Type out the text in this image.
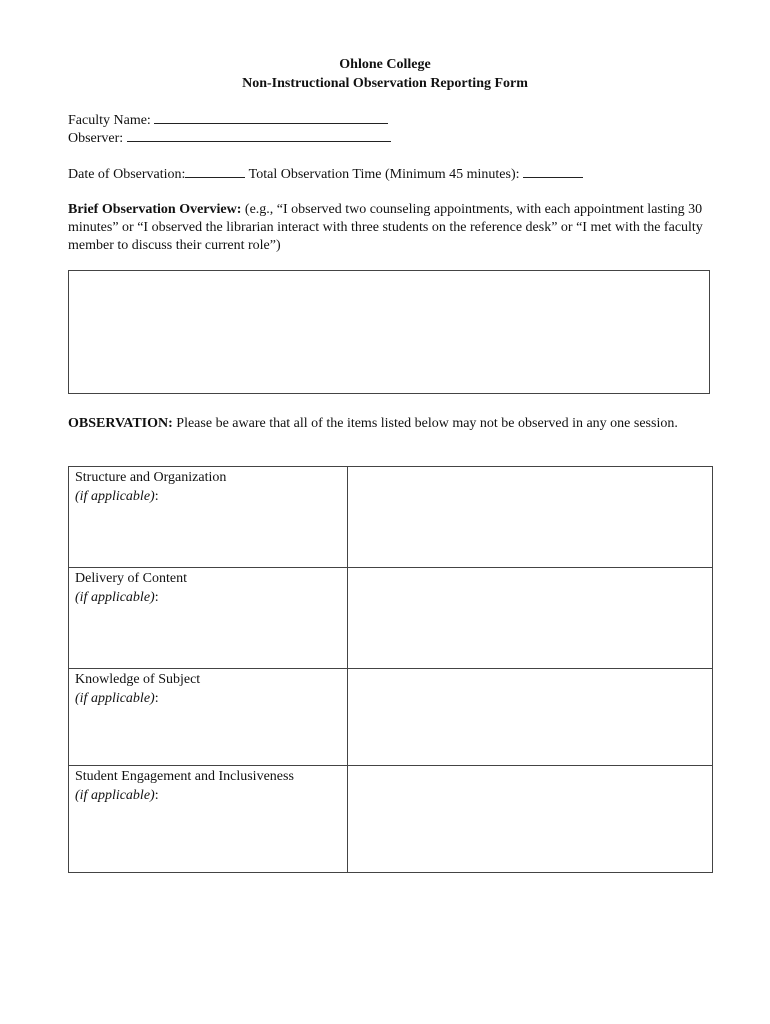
Ohlone College
Non-Instructional Observation Reporting Form
Faculty Name:
Observer:
Date of Observation:	Total Observation Time (Minimum 45 minutes):
Brief Observation Overview: (e.g., “I observed two counseling appointments, with each appointment lasting 30 minutes” or “I observed the librarian interact with three students on the reference desk” or “I met with the faculty member to discuss their current role”)
OBSERVATION: Please be aware that all of the items listed below may not be observed in any one session.
Structure and Organization
(if applicable):	

Delivery of Content
(if applicable):	

Knowledge of Subject
(if applicable):	

Student Engagement and Inclusiveness
(if applicable):	
